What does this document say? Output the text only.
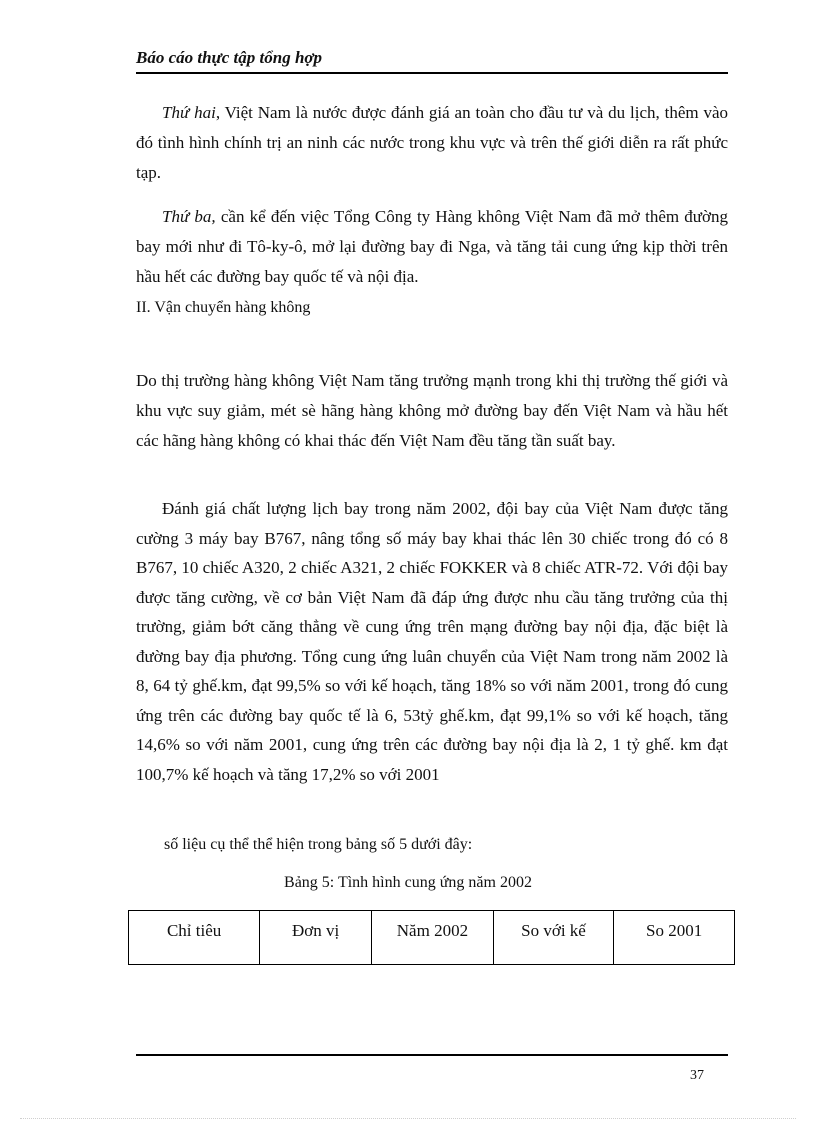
Báo cáo thực tập tổng hợp
Thứ hai, Việt Nam là nước được đánh giá an toàn cho đầu tư và du lịch, thêm vào đó tình hình chính trị an ninh các nước trong khu vực và trên thế giới diễn ra rất phức tạp.
Thứ ba, cần kể đến việc Tổng Công ty Hàng không Việt Nam đã mở thêm đường bay mới như đi Tô-ky-ô, mở lại đường bay đi Nga, và tăng tải cung ứng kịp thời trên hầu hết các đường bay quốc tế và nội địa.
II. Vận chuyển hàng không
Do thị trường hàng không Việt Nam tăng trưởng mạnh trong khi thị trường thế giới và khu vực suy giảm, mét sè hãng hàng không mở đường bay đến Việt Nam và hầu hết các hãng hàng không có khai thác đến Việt Nam đều tăng tần suất bay.
Đánh giá chất lượng lịch bay trong năm 2002, đội bay của Việt Nam được tăng cường 3 máy bay B767, nâng tổng số máy bay khai thác lên 30 chiếc trong đó có 8 B767, 10 chiếc A320, 2 chiếc A321, 2 chiếc FOKKER và 8 chiếc ATR-72. Với đội bay được tăng cường, về cơ bản Việt Nam đã đáp ứng được nhu cầu tăng trưởng của thị trường, giảm bớt căng thẳng về cung ứng trên mạng đường bay nội địa, đặc biệt là đường bay địa phương. Tổng cung ứng luân chuyển của Việt Nam trong năm 2002 là 8, 64 tỷ ghế.km, đạt 99,5% so với kế hoạch, tăng 18% so với năm 2001, trong đó cung ứng trên các đường bay quốc tế là 6, 53tỷ ghế.km, đạt 99,1% so với kế hoạch, tăng 14,6% so với năm 2001, cung ứng trên các đường bay nội địa là 2, 1 tỷ ghế. km đạt 100,7% kế hoạch và tăng 17,2% so với 2001
số liệu cụ thể thể hiện trong bảng số 5 dưới đây:
Bảng 5: Tình hình cung ứng năm 2002
Chỉ tiêu	Đơn vị	Năm 2002	So với kế	So 2001
37
